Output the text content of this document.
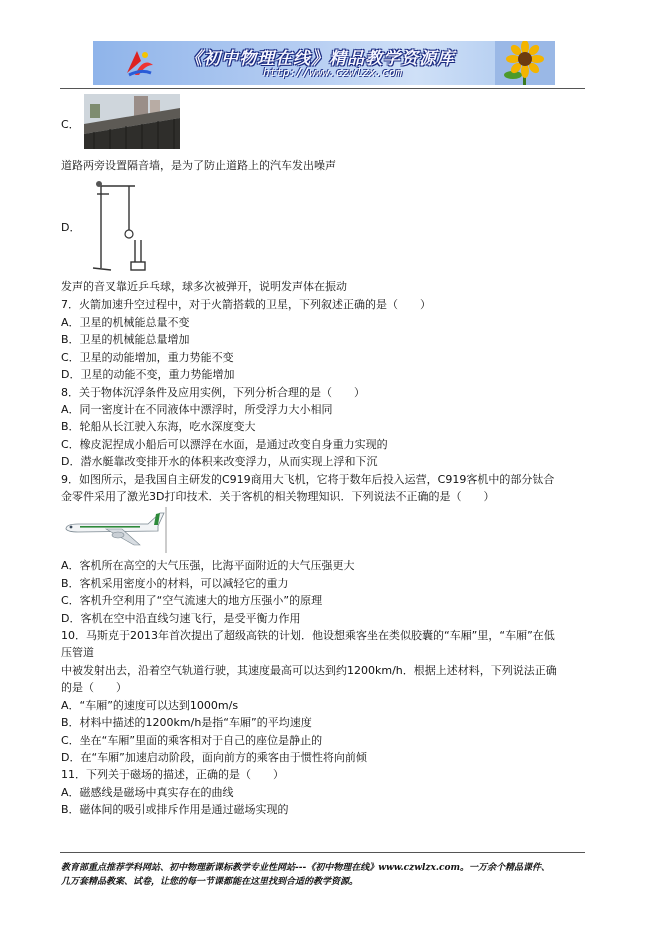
《初中物理在线》精品教学资源库
http://www.czwlzx.com
C．
道路两旁设置隔音墙，是为了防止道路上的汽车发出噪声
D．
发声的音叉靠近乒乓球，球多次被弹开，说明发声体在振动
7．火箭加速升空过程中，对于火箭搭载的卫星，下列叙述正确的是（　　）
A．卫星的机械能总量不变
B．卫星的机械能总量增加
C．卫星的动能增加，重力势能不变
D．卫星的动能不变，重力势能增加
8．关于物体沉浮条件及应用实例，下列分析合理的是（　　）
A．同一密度计在不同液体中漂浮时，所受浮力大小相同
B．轮船从长江驶入东海，吃水深度变大
C．橡皮泥捏成小船后可以漂浮在水面，是通过改变自身重力实现的
D．潜水艇靠改变排开水的体积来改变浮力，从而实现上浮和下沉
9．如图所示，是我国自主研发的C919商用大飞机，它将于数年后投入运营，C919客机中的部分钛合
金零件采用了激光3D打印技术．关于客机的相关物理知识．下列说法不正确的是（　　）
A．客机所在高空的大气压强，比海平面附近的大气压强更大
B．客机采用密度小的材料，可以减轻它的重力
C．客机升空利用了“空气流速大的地方压强小”的原理
D．客机在空中沿直线匀速飞行，是受平衡力作用
10．马斯克于2013年首次提出了超级高铁的计划．他设想乘客坐在类似胶囊的“车厢”里，“车厢”在低
压管道
中被发射出去，沿着空气轨道行驶，其速度最高可以达到约1200km/h．根据上述材料，下列说法正确
的是（　　）
A．“车厢”的速度可以达到1000m/s
B．材料中描述的1200km/h是指“车厢”的平均速度
C．坐在“车厢”里面的乘客相对于自己的座位是静止的
D．在“车厢”加速启动阶段，面向前方的乘客由于惯性将向前倾
11．下列关于磁场的描述，正确的是（　　）
A．磁感线是磁场中真实存在的曲线
B．磁体间的吸引或排斥作用是通过磁场实现的
教育部重点推荐学科网站、初中物理新课标教学专业性网站---《初中物理在线》www.czwlzx.com。一万余个精品课件、
几万套精品教案、试卷，让您的每一节课都能在这里找到合适的教学资源。
